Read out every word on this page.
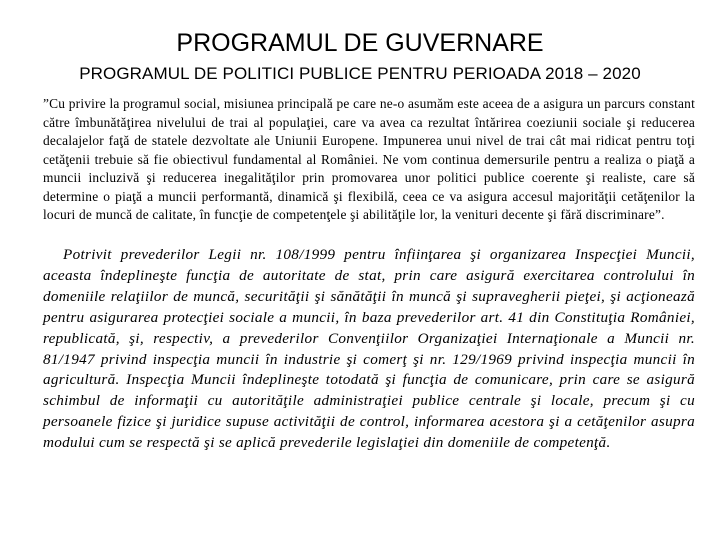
PROGRAMUL DE GUVERNARE
PROGRAMUL DE POLITICI PUBLICE PENTRU PERIOADA 2018 – 2020

”Cu privire la programul social, misiunea principală pe care ne-o asumăm este aceea de a asigura un parcurs constant către îmbunătăţirea nivelului de trai al populaţiei, care va avea ca rezultat întărirea coeziunii sociale şi reducerea decalajelor faţă de statele dezvoltate ale Uniunii Europene. Impunerea unui nivel de trai cât mai ridicat pentru toţi cetăţenii trebuie să fie obiectivul fundamental al României. Ne vom continua demersurile pentru a realiza o piaţă a muncii incluzivă şi reducerea inegalităţilor prin promovarea unor politici publice coerente şi realiste, care să determine o piaţă a muncii performantă, dinamică şi flexibilă, ceea ce va asigura accesul majorităţii cetăţenilor la locuri de muncă de calitate, în funcţie de competenţele şi abilităţile lor, la venituri decente şi fără discriminare”.

Potrivit prevederilor Legii nr. 108/1999 pentru înfiinţarea şi organizarea Inspecţiei Muncii, aceasta îndeplineşte funcţia de autoritate de stat, prin care asigură exercitarea controlului în domeniile relaţiilor de muncă, securităţii şi sănătăţii în muncă şi supravegherii pieţei, şi acţionează pentru asigurarea protecţiei sociale a muncii, în baza prevederilor art. 41 din Constituţia României, republicată, şi, respectiv, a prevederilor Convenţiilor Organizaţiei Internaţionale a Muncii nr. 81/1947 privind inspecţia muncii în industrie şi comerţ şi nr. 129/1969 privind inspecţia muncii în agricultură. Inspecţia Muncii îndeplineşte totodată şi funcţia de comunicare, prin care se asigură schimbul de informaţii cu autorităţile administraţiei publice centrale şi locale, precum şi cu persoanele fizice şi juridice supuse activităţii de control, informarea acestora şi a cetăţenilor asupra modului cum se respectă şi se aplică prevederile legislaţiei din domeniile de competenţă.
